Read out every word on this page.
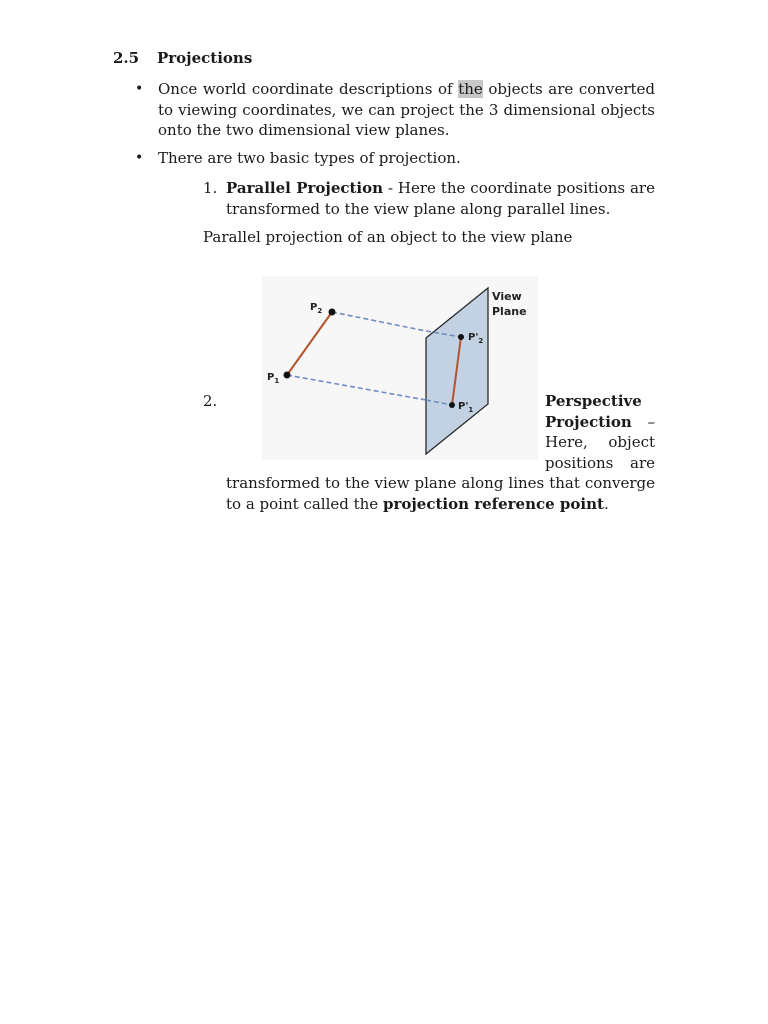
2.5 Projections
• Once world coordinate descriptions of the objects are converted to viewing coordinates, we can project the 3 dimensional objects onto the two dimensional view planes.
• There are two basic types of projection.
1. Parallel Projection - Here the coordinate positions are transformed to the view plane along parallel lines.
Parallel projection of an object to the view plane
$P_2$
$P_1$
$P'_2$
$P'_1$
View
Plane
2.	Perspective
Projection –
Here, object
positions are
transformed to the view plane along lines that converge to a point called the projection reference point.
